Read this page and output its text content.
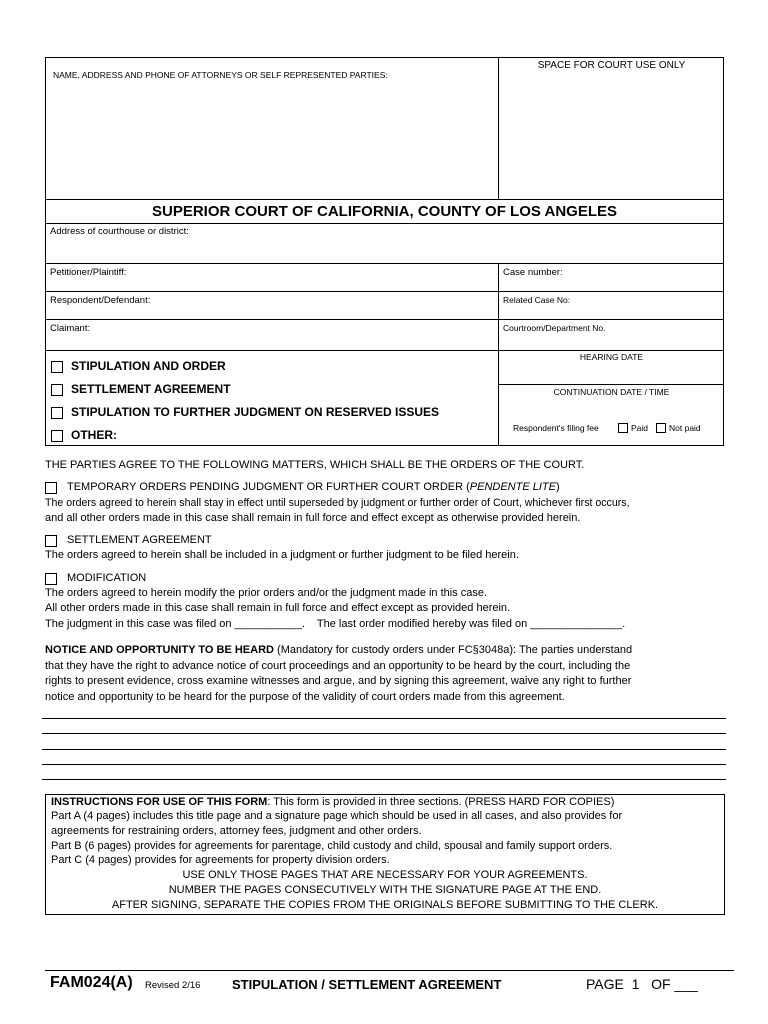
NAME, ADDRESS AND PHONE OF ATTORNEYS OR SELF REPRESENTED PARTIES:
SPACE FOR COURT USE ONLY
SUPERIOR COURT OF CALIFORNIA, COUNTY OF LOS ANGELES
Address of courthouse or district:
Petitioner/Plaintiff:	Case number:
Respondent/Defendant:	Related Case No:
Claimant:	Courtroom/Department No.
STIPULATION AND ORDER
SETTLEMENT AGREEMENT
STIPULATION TO FURTHER JUDGMENT ON RESERVED ISSUES
OTHER:
HEARING DATE
CONTINUATION DATE / TIME
Respondent's filing fee	Paid Not paid
THE PARTIES AGREE TO THE FOLLOWING MATTERS, WHICH SHALL BE THE ORDERS OF THE COURT.
TEMPORARY ORDERS PENDING JUDGMENT OR FURTHER COURT ORDER (PENDENTE LITE)
The orders agreed to herein shall stay in effect until superseded by judgment or further order of Court, whichever first occurs,
and all other orders made in this case shall remain in full force and effect except as otherwise provided herein.
SETTLEMENT AGREEMENT
The orders agreed to herein shall be included in a judgment or further judgment to be filed herein.
MODIFICATION
The orders agreed to herein modify the prior orders and/or the judgment made in this case.
All other orders made in this case shall remain in full force and effect except as provided herein.
The judgment in this case was filed on ___________.    The last order modified hereby was filed on _______________.
NOTICE AND OPPORTUNITY TO BE HEARD (Mandatory for custody orders under FC§3048a): The parties understand
that they have the right to advance notice of court proceedings and an opportunity to be heard by the court, including the
rights to present evidence, cross examine witnesses and argue, and by signing this agreement, waive any right to further
notice and opportunity to be heard for the purpose of the validity of court orders made from this agreement.
INSTRUCTIONS FOR USE OF THIS FORM: This form is provided in three sections. (PRESS HARD FOR COPIES)
Part A (4 pages) includes this title page and a signature page which should be used in all cases, and also provides for
agreements for restraining orders, attorney fees, judgment and other orders.
Part B (6 pages) provides for agreements for parentage, child custody and child, spousal and family support orders.
Part C (4 pages) provides for agreements for property division orders.
USE ONLY THOSE PAGES THAT ARE NECESSARY FOR YOUR AGREEMENTS.
NUMBER THE PAGES CONSECUTIVELY WITH THE SIGNATURE PAGE AT THE END.
AFTER SIGNING, SEPARATE THE COPIES FROM THE ORIGINALS BEFORE SUBMITTING TO THE CLERK.
FAM024(A) Revised 2/16 STIPULATION / SETTLEMENT AGREEMENT	PAGE  1   OF ___
